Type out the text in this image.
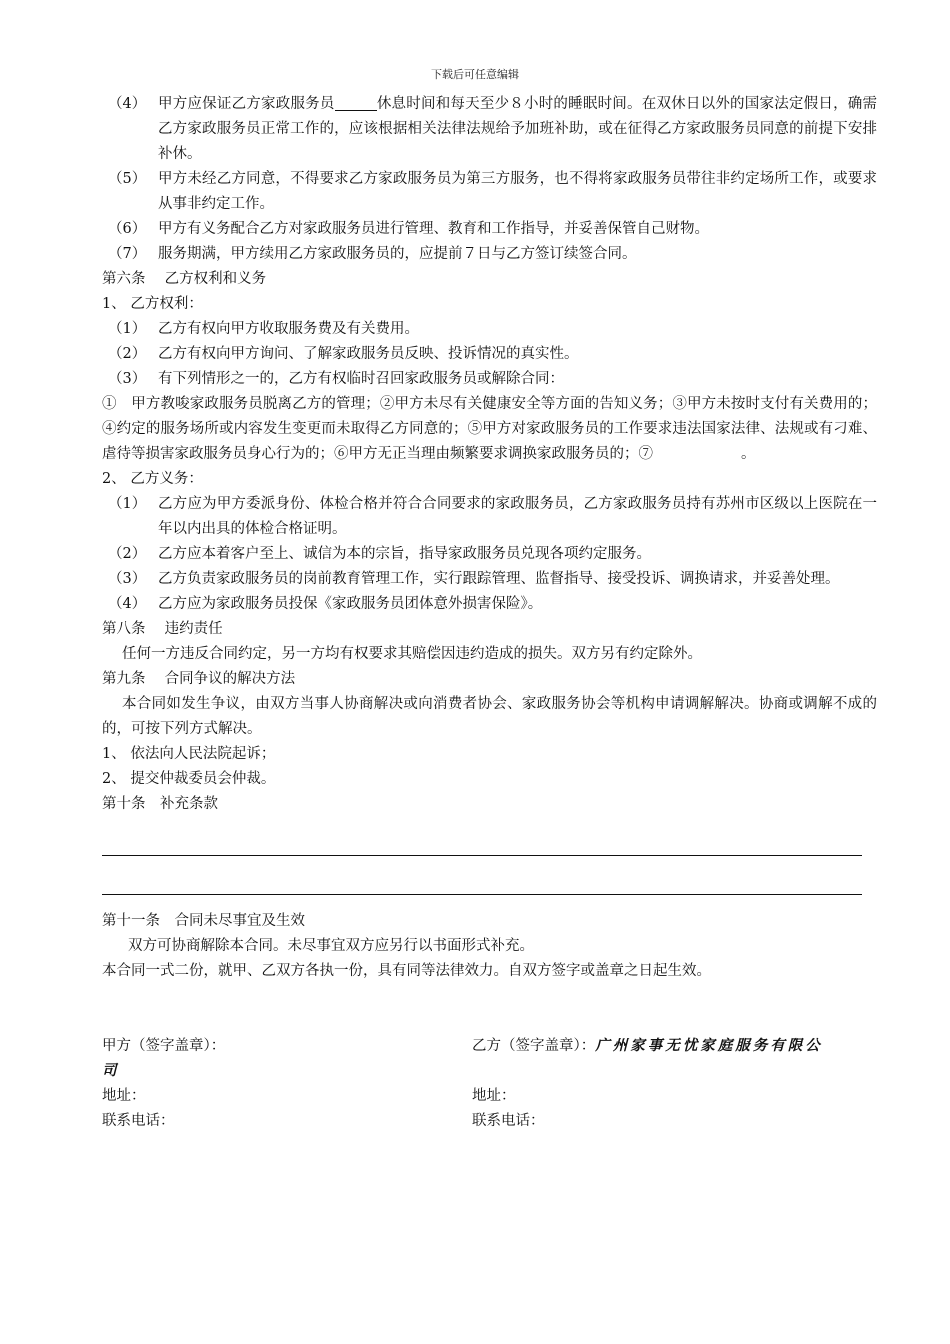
下载后可任意编辑
（4） 甲方应保证乙方家政服务员	休息时间和每天至少８小时的睡眠时间。在双休日以外的国家法定假日，确需乙方家政服务员正常工作的，应该根据相关法律法规给予加班补助，或在征得乙方家政服务员同意的前提下安排补休。
（5） 甲方未经乙方同意，不得要求乙方家政服务员为第三方服务，也不得将家政服务员带往非约定场所工作，或要求从事非约定工作。
（6） 甲方有义务配合乙方对家政服务员进行管理、教育和工作指导，并妥善保管自己财物。
（7） 服务期满，甲方续用乙方家政服务员的，应提前７日与乙方签订续签合同。
第六条　 乙方权利和义务
1、 乙方权利：
（1） 乙方有权向甲方收取服务费及有关费用。
（2） 乙方有权向甲方询问、了解家政服务员反映、投诉情况的真实性。
（3） 有下列情形之一的，乙方有权临时召回家政服务员或解除合同：
①　甲方教唆家政服务员脱离乙方的管理；②甲方未尽有关健康安全等方面的告知义务；③甲方未按时支付有关费用的；④约定的服务场所或内容发生变更而未取得乙方同意的；⑤甲方对家政服务员的工作要求违法国家法律、法规或有刁难、虐待等损害家政服务员身心行为的；⑥甲方无正当理由频繁要求调换家政服务员的；⑦	。
2、 乙方义务：
（1） 乙方应为甲方委派身份、体检合格并符合合同要求的家政服务员，乙方家政服务员持有苏州市区级以上医院在一年以内出具的体检合格证明。
（2） 乙方应本着客户至上、诚信为本的宗旨，指导家政服务员兑现各项约定服务。
（3） 乙方负责家政服务员的岗前教育管理工作，实行跟踪管理、监督指导、接受投诉、调换请求，并妥善处理。
（4） 乙方应为家政服务员投保《家政服务员团体意外损害保险》。
第八条　 违约责任
任何一方违反合同约定，另一方均有权要求其赔偿因违约造成的损失。双方另有约定除外。
第九条　 合同争议的解决方法
本合同如发生争议，由双方当事人协商解决或向消费者协会、家政服务协会等机构申请调解解决。协商或调解不成的的，可按下列方式解决。
1、 依法向人民法院起诉；
2、 提交仲裁委员会仲裁。
第十条　补充条款
第十一条　合同未尽事宜及生效
双方可协商解除本合同。未尽事宜双方应另行以书面形式补充。
本合同一式二份，就甲、乙双方各执一份，具有同等法律效力。自双方签字或盖章之日起生效。
甲方（签字盖章）：	乙方（签字盖章）：广州家事无忧家庭服务有限公
司
地址：	地址：
联系电话：	联系电话：
